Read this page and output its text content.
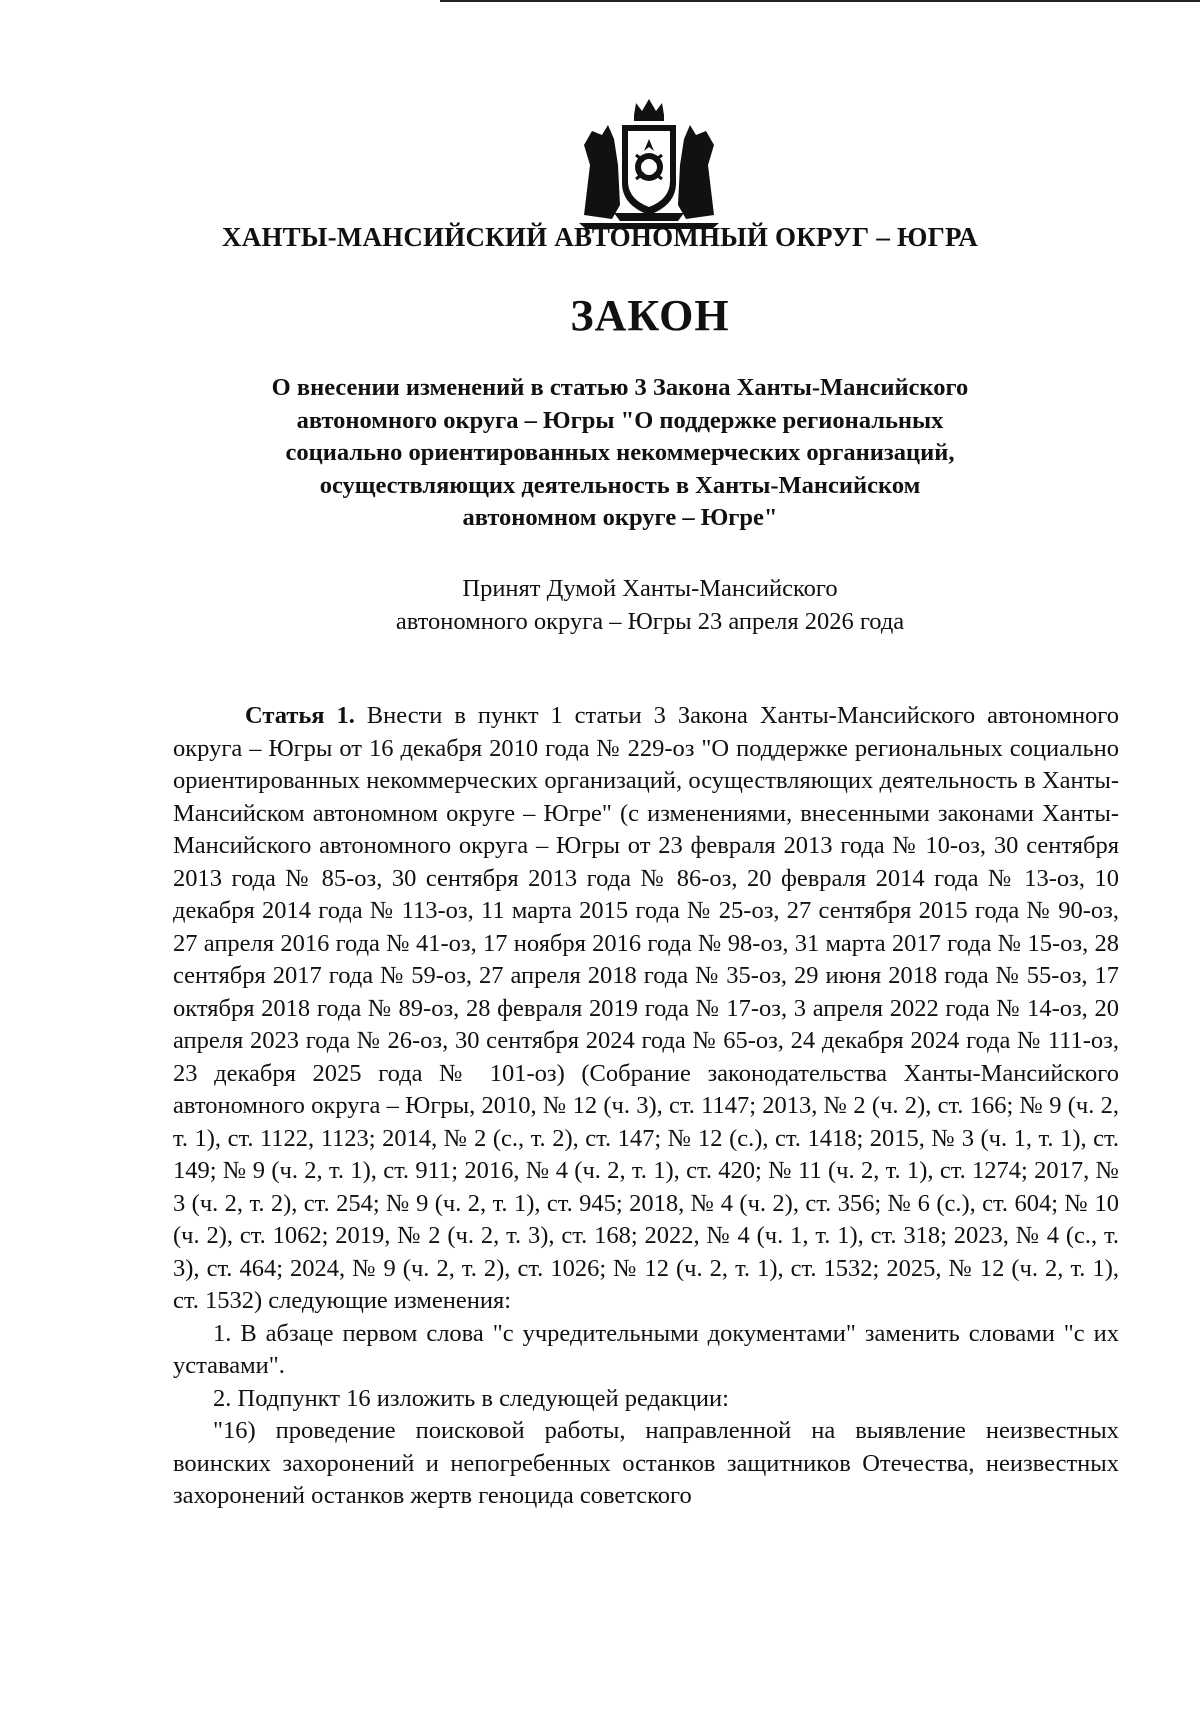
ХАНТЫ-МАНСИЙСКИЙ АВТОНОМНЫЙ ОКРУГ – ЮГРА
ЗАКОН
О внесении изменений в статью 3 Закона Ханты-Мансийского
автономного округа – Югры "О поддержке региональных
социально ориентированных некоммерческих организаций,
осуществляющих деятельность в Ханты-Мансийском
автономном округе – Югре"
Принят Думой Ханты-Мансийского
автономного округа – Югры 23 апреля 2026 года

Статья 1. Внести в пункт 1 статьи 3 Закона Ханты-Мансийского автономного округа – Югры от 16 декабря 2010 года № 229-оз "О поддержке региональных социально ориентированных некоммерческих организаций, осуществляющих деятельность в Ханты-Мансийском автономном округе – Югре" (с изменениями, внесенными законами Ханты-Мансийского автономного округа – Югры от 23 февраля 2013 года № 10-оз, 30 сентября 2013 года № 85-оз, 30 сентября 2013 года № 86-оз, 20 февраля 2014 года № 13-оз, 10 декабря 2014 года № 113-оз, 11 марта 2015 года № 25-оз, 27 сентября 2015 года № 90-оз, 27 апреля 2016 года № 41-оз, 17 ноября 2016 года № 98-оз, 31 марта 2017 года № 15-оз, 28 сентября 2017 года № 59-оз, 27 апреля 2018 года № 35-оз, 29 июня 2018 года № 55-оз, 17 октября 2018 года № 89-оз, 28 февраля 2019 года № 17-оз, 3 апреля 2022 года № 14-оз, 20 апреля 2023 года № 26-оз, 30 сентября 2024 года № 65-оз, 24 декабря 2024 года № 111-оз, 23 декабря 2025 года № 101-оз) (Собрание законодательства Ханты-Мансийского автономного округа – Югры, 2010, № 12 (ч. 3), ст. 1147; 2013, № 2 (ч. 2), ст. 166; № 9 (ч. 2, т. 1), ст. 1122, 1123; 2014, № 2 (с., т. 2), ст. 147; № 12 (с.), ст. 1418; 2015, № 3 (ч. 1, т. 1), ст. 149; № 9 (ч. 2, т. 1), ст. 911; 2016, № 4 (ч. 2, т. 1), ст. 420; № 11 (ч. 2, т. 1), ст. 1274; 2017, № 3 (ч. 2, т. 2), ст. 254; № 9 (ч. 2, т. 1), ст. 945; 2018, № 4 (ч. 2), ст. 356; № 6 (с.), ст. 604; № 10 (ч. 2), ст. 1062; 2019, № 2 (ч. 2, т. 3), ст. 168; 2022, № 4 (ч. 1, т. 1), ст. 318; 2023, № 4 (с., т. 3), ст. 464; 2024, № 9 (ч. 2, т. 2), ст. 1026; № 12 (ч. 2, т. 1), ст. 1532; 2025, № 12 (ч. 2, т. 1), ст. 1532) следующие изменения:

1. В абзаце первом слова "с учредительными документами" заменить словами "с их уставами".

2. Подпункт 16 изложить в следующей редакции:

"16) проведение поисковой работы, направленной на выявление неизвестных воинских захоронений и непогребенных останков защитников Отечества, неизвестных захоронений останков жертв геноцида советского
